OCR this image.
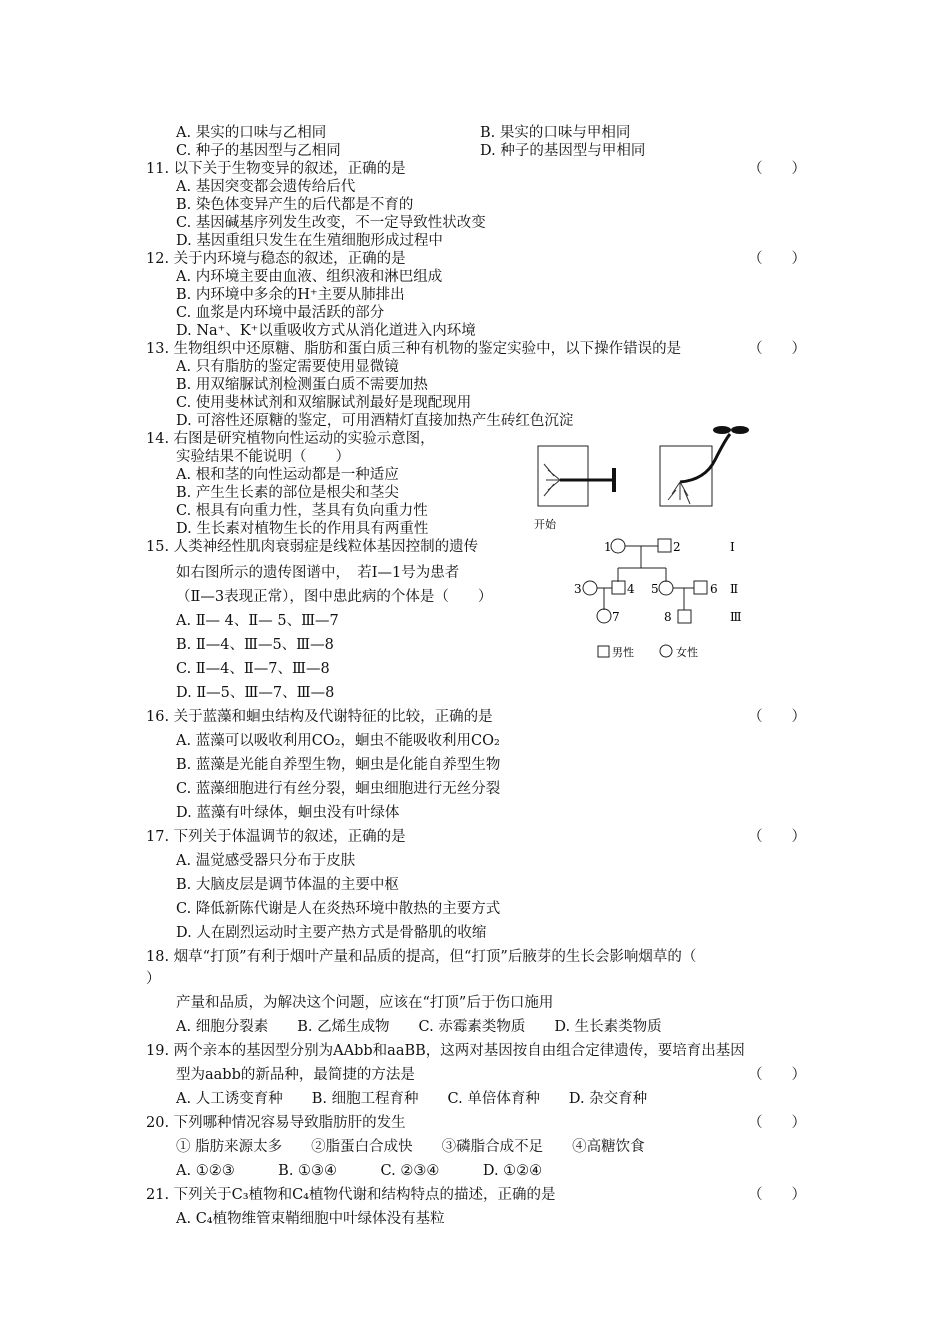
A. 果实的口味与乙相同	B. 果实的口味与甲相同
C. 种子的基因型与乙相同	D. 种子的基因型与甲相同
11. 以下关于生物变异的叙述，正确的是
A. 基因突变都会遗传给后代
B. 染色体变异产生的后代都是不育的
C. 基因碱基序列发生改变，不一定导致性状改变
D. 基因重组只发生在生殖细胞形成过程中
12. 关于内环境与稳态的叙述，正确的是
A. 内环境主要由血液、组织液和淋巴组成
B. 内环境中多余的H⁺主要从肺排出
C. 血浆是内环境中最活跃的部分
D. Na⁺、K⁺以重吸收方式从消化道进入内环境
13. 生物组织中还原糖、脂肪和蛋白质三种有机物的鉴定实验中，以下操作错误的是
A. 只有脂肪的鉴定需要使用显微镜
B. 用双缩脲试剂检测蛋白质不需要加热
C. 使用斐林试剂和双缩脲试剂最好是现配现用
D. 可溶性还原糖的鉴定，可用酒精灯直接加热产生砖红色沉淀
14. 右图是研究植物向性运动的实验示意图，
实验结果不能说明（　　）
A. 根和茎的向性运动都是一种适应
B. 产生生长素的部位是根尖和茎尖
C. 根具有向重力性，茎具有负向重力性
D. 生长素对植物生长的作用具有两重性
15. 人类神经性肌肉衰弱症是线粒体基因控制的遗传
如右图所示的遗传图谱中，　若Ⅰ—1号为患者
（Ⅱ—3表现正常），图中患此病的个体是（　　）
A. Ⅱ— 4、Ⅱ— 5、Ⅲ—7
B. Ⅱ—4、Ⅲ—5、Ⅲ—8
C. Ⅱ—4、Ⅱ—7、Ⅲ—8
D. Ⅱ—5、Ⅲ—7、Ⅲ—8
16. 关于蓝藻和蛔虫结构及代谢特征的比较，正确的是
A. 蓝藻可以吸收利用CO₂，蛔虫不能吸收利用CO₂
B. 蓝藻是光能自养型生物，蛔虫是化能自养型生物
C. 蓝藻细胞进行有丝分裂，蛔虫细胞进行无丝分裂
D. 蓝藻有叶绿体，蛔虫没有叶绿体
17. 下列关于体温调节的叙述，正确的是
A. 温觉感受器只分布于皮肤
B. 大脑皮层是调节体温的主要中枢
C. 降低新陈代谢是人在炎热环境中散热的主要方式
D. 人在剧烈运动时主要产热方式是骨骼肌的收缩
18. 烟草“打顶”有利于烟叶产量和品质的提高，但“打顶”后腋芽的生长会影响烟草的（
）
产量和品质，为解决这个问题，应该在“打顶”后于伤口施用
A. 细胞分裂素　　B. 乙烯生成物　　C. 赤霉素类物质　　D. 生长素类物质
19. 两个亲本的基因型分别为AAbb和aaBB，这两对基因按自由组合定律遗传，要培育出基因
型为aabb的新品种，最简捷的方法是
A. 人工诱变育种　　B. 细胞工程育种　　C. 单倍体育种　　D. 杂交育种
20. 下列哪种情况容易导致脂肪肝的发生
① 脂肪来源太多　　②脂蛋白合成快　　③磷脂合成不足　　④高糖饮食
A. ①②③　　　B. ①③④　　　C. ②③④　　　D. ①②④
21. 下列关于C₃植物和C₄植物代谢和结构特点的描述，正确的是
A. C₄植物维管束鞘细胞中叶绿体没有基粒
（　　）
（　　）
（　　）
（　　）
（　　）
（　　）
（　　）
（　　）
开始
1	2	Ⅰ
3	4 5	6 Ⅱ
7	8	Ⅲ
男性	女性
